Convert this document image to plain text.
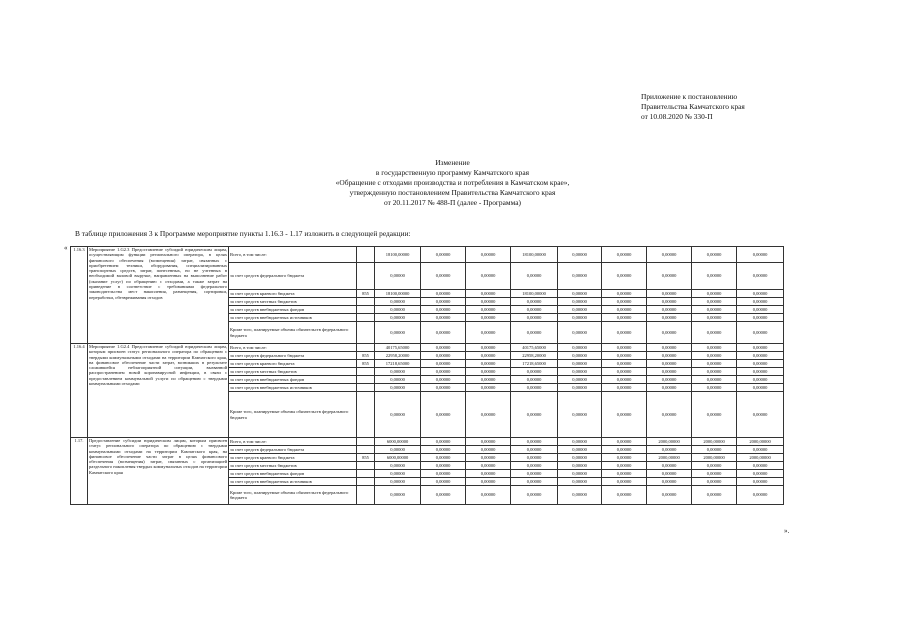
Приложение к постановлению
Правительства Камчатского края
от 10.08.2020 № 330-П
Изменение
в государственную программу Камчатского края
«Обращение с отходами производства и потребления в Камчатском крае»,
утвержденную постановлением Правительства Камчатского края
от 20.11.2017 № 488-П (далее - Программа)
В таблице приложения 3 к Программе мероприятие пункты 1.16.3 - 1.17 изложить в следующей редакции:
«
».
1.16.3	Мероприятие 1.G2.3 Предоставление субсидий юридическим лицам, осуществляющим функции регионального оператора, в целях финансового обеспечения (возмещения) затрат, связанных с приобретением техники, оборудования, специализированных транспортных средств, затрат, понесенных, но не учтенных в необходимой валовой выручке, направленных на выполнение работ (оказание услуг) по обращению с отходами, а также затрат на приведение в соответствие с требованиями федерального законодательства мест накопления, размещения, сортировки, переработки, обезвреживания отходов	Всего, в том числе:		18100,00000	0,00000	0,00000	18100,00000	0,00000	0,00000	0,00000	0,00000	0,00000
		за счет средств федерального бюджета		0,00000	0,00000	0,00000	0,00000	0,00000	0,00000	0,00000	0,00000	0,00000
		за счет средств краевого бюджета	855	18100,00000	0,00000	0,00000	18100,00000	0,00000	0,00000	0,00000	0,00000	0,00000
		за счет средств местных бюджетов		0,00000	0,00000	0,00000	0,00000	0,00000	0,00000	0,00000	0,00000	0,00000
		за счет средств внебюджетных фондов		0,00000	0,00000	0,00000	0,00000	0,00000	0,00000	0,00000	0,00000	0,00000
		за счет средств внебюджетных источников		0,00000	0,00000	0,00000	0,00000	0,00000	0,00000	0,00000	0,00000	0,00000
		Кроме того, планируемые объемы обязательств федерального бюджета		0,00000	0,00000	0,00000	0,00000	0,00000	0,00000	0,00000	0,00000	0,00000
1.16.4	Мероприятие 1.G2.4 Предоставление субсидий юридическим лицам, которым присвоен статус регионального оператора по обращению с твердыми коммунальными отходами на территории Камчатского края, на финансовое обеспечение части затрат, возникших в результате сложившейся неблагоприятной ситуации, вызванной распространением новой коронавирусной инфекции, в связи с предоставлением коммунальной услуги по обращению с твердыми коммунальными отходами	Всего, в том числе:		40175,65000	0,00000	0,00000	40175,65000	0,00000	0,00000	0,00000	0,00000	0,00000
		за счет средств федерального бюджета	855	22958,20000	0,00000	0,00000	22958,20000	0,00000	0,00000	0,00000	0,00000	0,00000
		за счет средств краевого бюджета	855	17218,65000	0,00000	0,00000	17218,65000	0,00000	0,00000	0,00000	0,00000	0,00000
		за счет средств местных бюджетов		0,00000	0,00000	0,00000	0,00000	0,00000	0,00000	0,00000	0,00000	0,00000
		за счет средств внебюджетных фондов		0,00000	0,00000	0,00000	0,00000	0,00000	0,00000	0,00000	0,00000	0,00000
		за счет средств внебюджетных источников		0,00000	0,00000	0,00000	0,00000	0,00000	0,00000	0,00000	0,00000	0,00000
		Кроме того, планируемые объемы обязательств федерального бюджета		0,00000	0,00000	0,00000	0,00000	0,00000	0,00000	0,00000	0,00000	0,00000
1.17.	Предоставление субсидии юридическим лицам, которым присвоен статус регионального оператора по обращению с твердыми коммунальными отходами на территории Камчатского края, на финансовое обеспечение части затрат в целях финансового обеспечения (возмещения) затрат, связанных с организацией раздельного накопления твердых коммунальных отходов на территории Камчатского края	Всего, в том числе:		6000,00000	0,00000	0,00000	0,00000	0,00000	0,00000	2000,00000	2000,00000	2000,00000
		за счет средств федерального бюджета		0,00000	0,00000	0,00000	0,00000	0,00000	0,00000	0,00000	0,00000	0,00000
		за счет средств краевого бюджета	855	6000,00000	0,00000	0,00000	0,00000	0,00000	0,00000	2000,00000	2000,00000	2000,00000
		за счет средств местных бюджетов		0,00000	0,00000	0,00000	0,00000	0,00000	0,00000	0,00000	0,00000	0,00000
		за счет средств внебюджетных фондов		0,00000	0,00000	0,00000	0,00000	0,00000	0,00000	0,00000	0,00000	0,00000
		за счет средств внебюджетных источников		0,00000	0,00000	0,00000	0,00000	0,00000	0,00000	0,00000	0,00000	0,00000
		Кроме того, планируемые объемы обязательств федерального бюджета		0,00000	0,00000	0,00000	0,00000	0,00000	0,00000	0,00000	0,00000	0,00000
